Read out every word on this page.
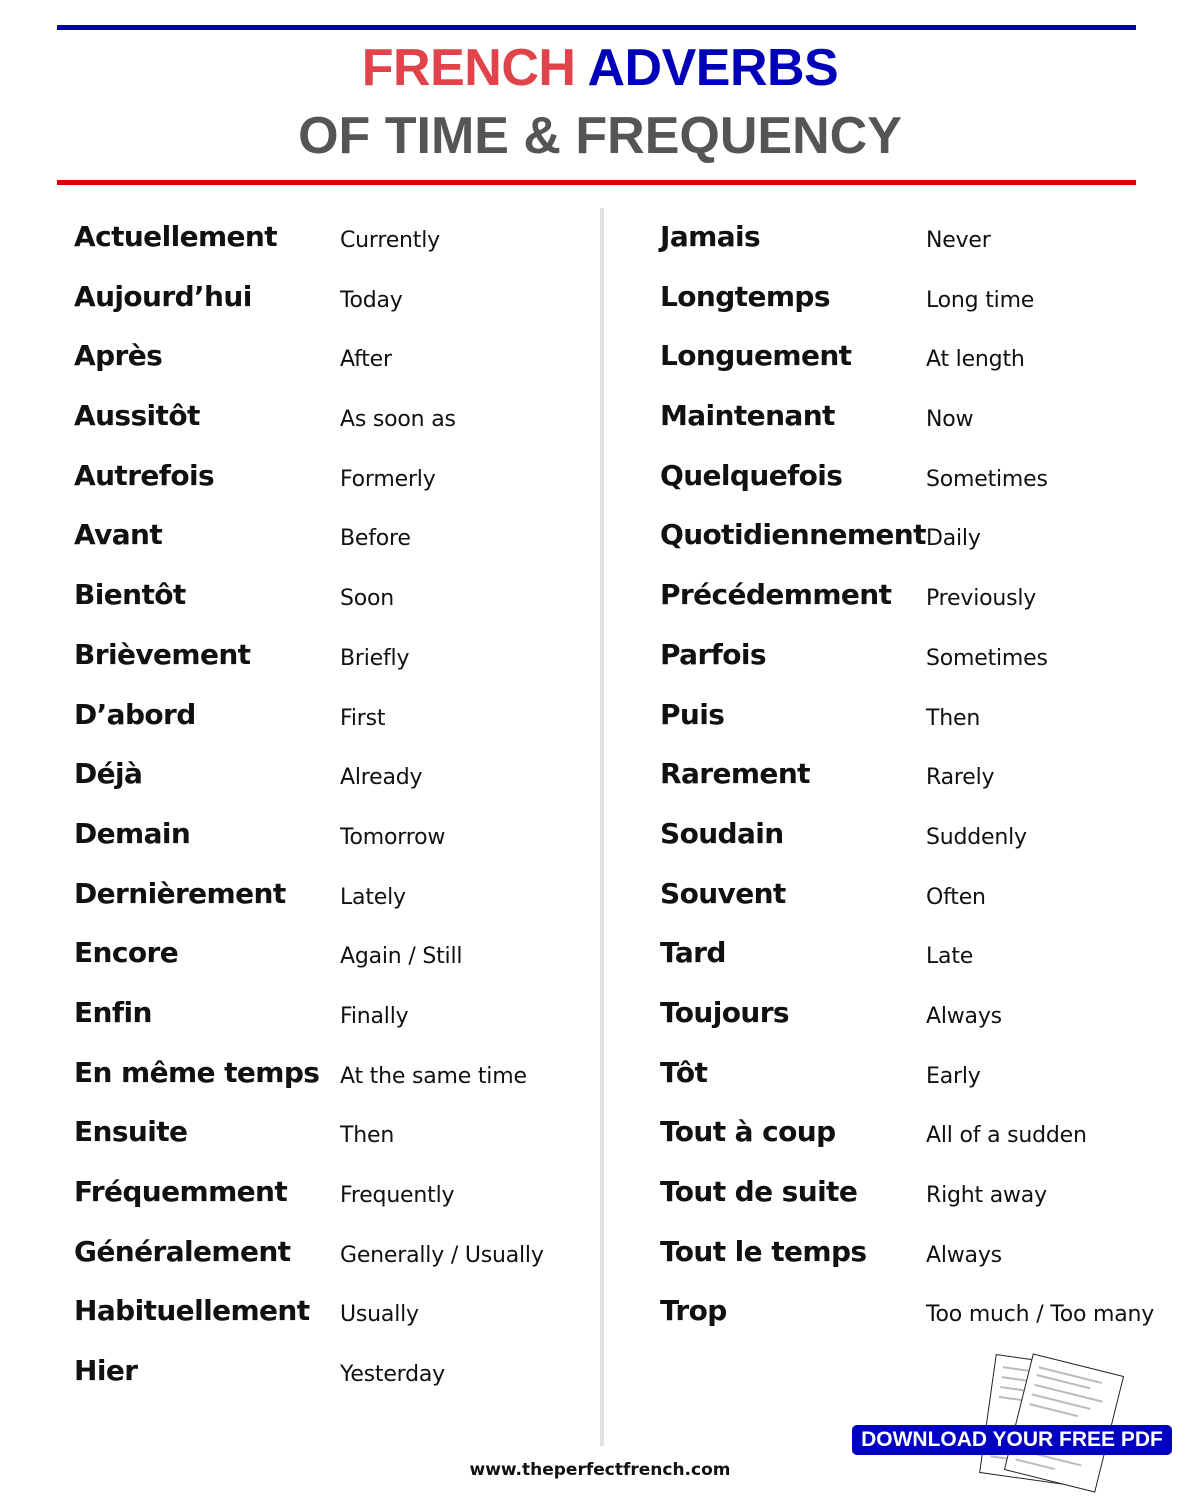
FRENCH ADVERBS
OF TIME & FREQUENCY
Actuellement	Currently
Aujourd’hui	Today
Après	After
Aussitôt	As soon as
Autrefois	Formerly
Avant	Before
Bientôt	Soon
Brièvement	Briefly
D’abord	First
Déjà	Already
Demain	Tomorrow
Dernièrement Lately
Encore	Again / Still
Enfin	Finally
En même temps At the same time
Ensuite	Then
Fréquemment Frequently
Généralement Generally / Usually
Habituellement Usually
Hier	Yesterday
Jamais	Never
Longtemps	Long time
Longuement	At length
Maintenant	Now
Quelquefois	Sometimes
Quotidiennement Daily
Précédemment Previously
Parfois	Sometimes
Puis	Then
Rarement	Rarely
Soudain	Suddenly
Souvent	Often
Tard	Late
Toujours	Always
Tôt	Early
Tout à coup	All of a sudden
Tout de suite	Right away
Tout le temps	Always
Trop	Too much / Too many
DOWNLOAD YOUR FREE PDF
www.theperfectfrench.com
